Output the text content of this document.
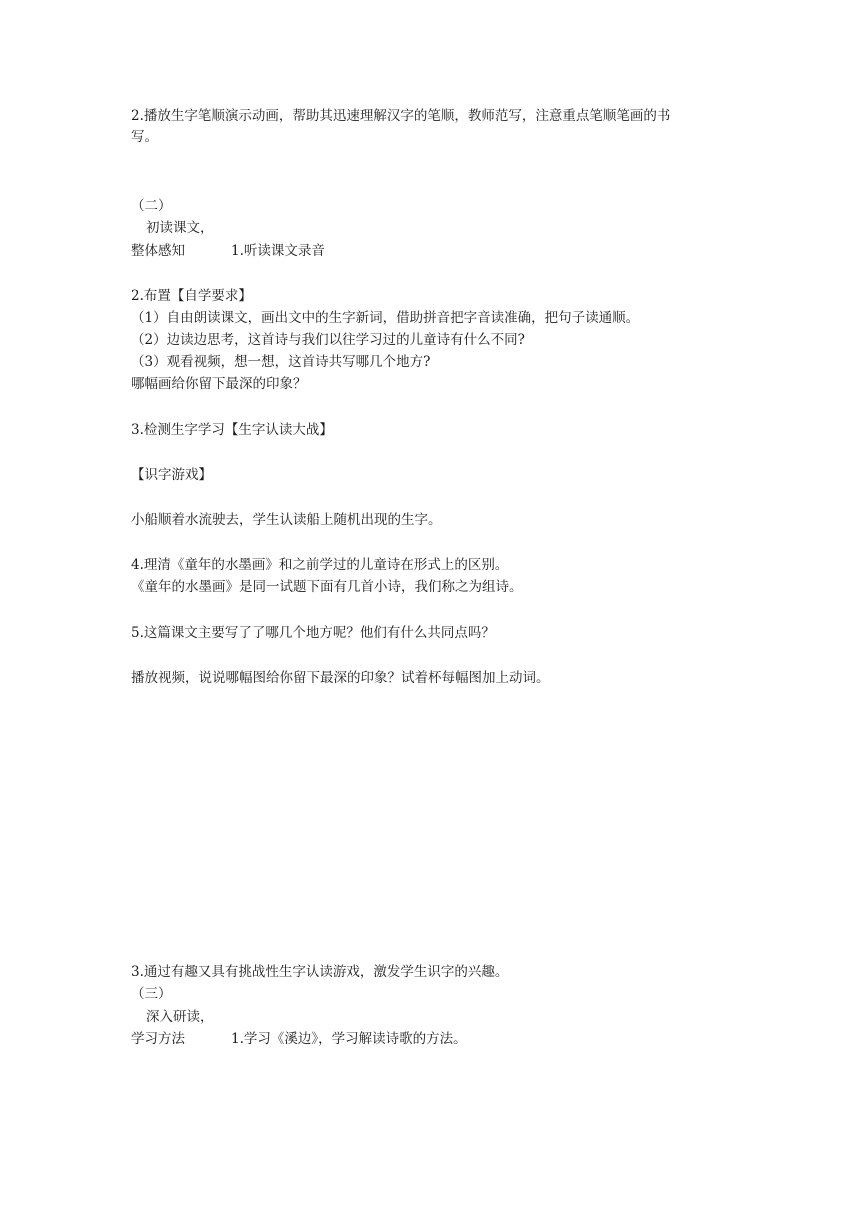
2.播放生字笔顺演示动画，帮助其迅速理解汉字的笔顺，教师范写，注意重点笔顺笔画的书
写。
（二）
初读课文，
整体感知	1.听读课文录音
2.布置【自学要求】
（1）自由朗读课文，画出文中的生字新词，借助拼音把字音读准确，把句子读通顺。
（2）边读边思考，这首诗与我们以往学习过的儿童诗有什么不同?
（3）观看视频，想一想，这首诗共写哪几个地方?
哪幅画给你留下最深的印象？
3.检测生字学习【生字认读大战】
【识字游戏】
小船顺着水流驶去，学生认读船上随机出现的生字。
4.理清《童年的水墨画》和之前学过的儿童诗在形式上的区别。
《童年的水墨画》是同一试题下面有几首小诗，我们称之为组诗。
5.这篇课文主要写了了哪几个地方呢？他们有什么共同点吗？
播放视频，说说哪幅图给你留下最深的印象？试着杯每幅图加上动词。
3.通过有趣又具有挑战性生字认读游戏，激发学生识字的兴趣。
（三）
深入研读，
学习方法	1.学习《溪边》，学习解读诗歌的方法。
